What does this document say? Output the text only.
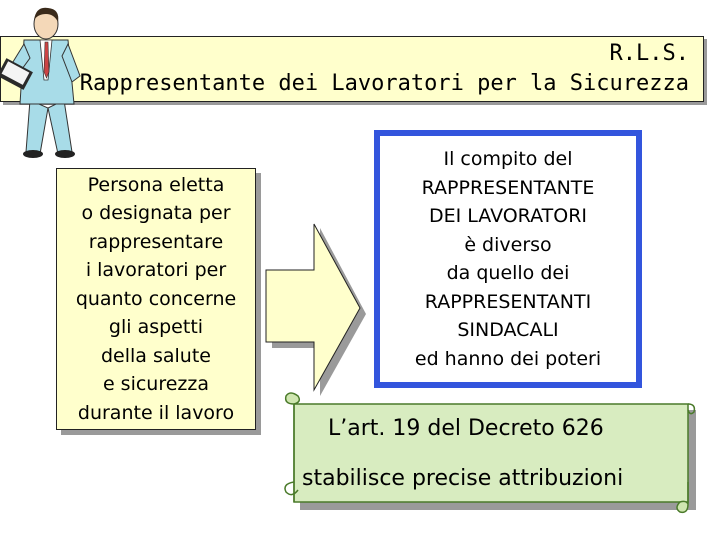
R.L.S.
Rappresentante dei Lavoratori per la Sicurezza
Persona eletta
o designata per
rappresentare
i lavoratori per
quanto concerne
gli aspetti
della salute
e sicurezza
durante il lavoro
Il compito del
RAPPRESENTANTE
DEI LAVORATORI
è diverso
da quello dei
RAPPRESENTANTI
SINDACALI
ed hanno dei poteri
L’art. 19 del Decreto 626
stabilisce precise attribuzioni
